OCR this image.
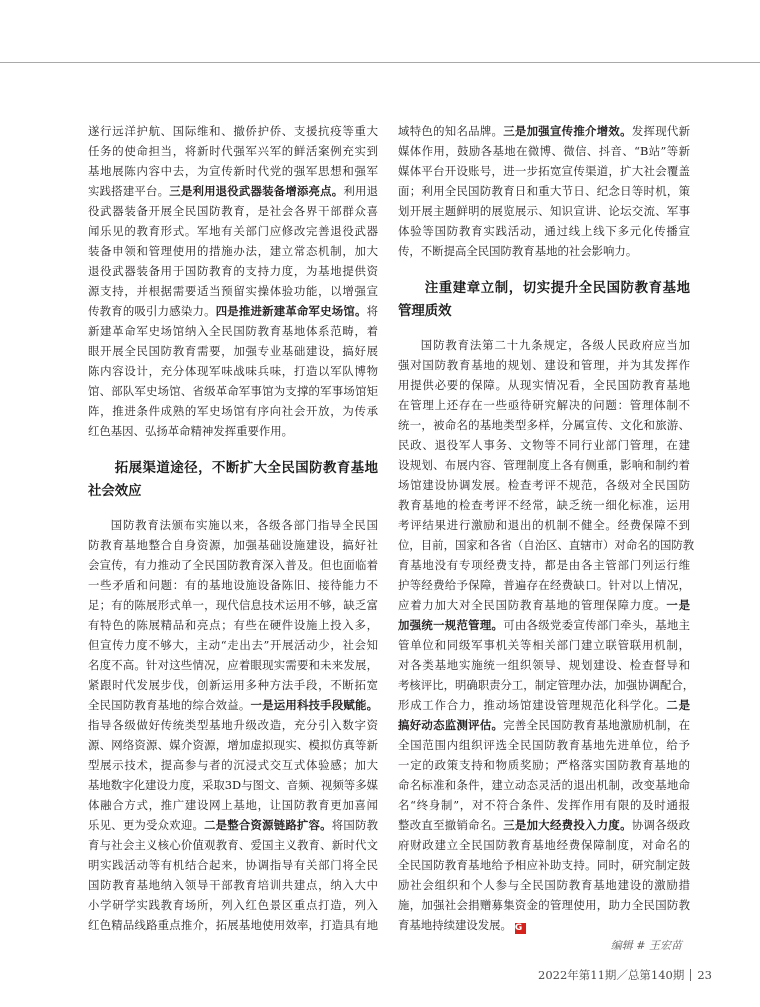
遂行远洋护航、国际维和、撤侨护侨、支援抗疫等重大
任务的使命担当，将新时代强军兴军的鲜活案例充实到
基地展陈内容中去，为宣传新时代党的强军思想和强军
实践搭建平台。三是利用退役武器装备增添亮点。利用退
役武器装备开展全民国防教育，是社会各界干部群众喜
闻乐见的教育形式。军地有关部门应修改完善退役武器
装备申领和管理使用的措施办法，建立常态机制，加大
退役武器装备用于国防教育的支持力度，为基地提供资
源支持，并根据需要适当预留实操体验功能，以增强宣
传教育的吸引力感染力。四是推进新建革命军史场馆。将
新建革命军史场馆纳入全民国防教育基地体系范畴，着
眼开展全民国防教育需要，加强专业基础建设，搞好展
陈内容设计，充分体现军味战味兵味，打造以军队博物
馆、部队军史场馆、省级革命军事馆为支撑的军事场馆矩
阵，推进条件成熟的军史场馆有序向社会开放，为传承
红色基因、弘扬革命精神发挥重要作用。
拓展渠道途径，不断扩大全民国防教育基地
社会效应
国防教育法颁布实施以来，各级各部门指导全民国
防教育基地整合自身资源，加强基础设施建设，搞好社
会宣传，有力推动了全民国防教育深入普及。但也面临着
一些矛盾和问题：有的基地设施设备陈旧、接待能力不
足；有的陈展形式单一，现代信息技术运用不够，缺乏富
有特色的陈展精品和亮点；有些在硬件设施上投入多，
但宣传力度不够大，主动“走出去”开展活动少，社会知
名度不高。针对这些情况，应着眼现实需要和未来发展，
紧跟时代发展步伐，创新运用多种方法手段，不断拓宽
全民国防教育基地的综合效益。一是运用科技手段赋能。
指导各级做好传统类型基地升级改造，充分引入数字资
源、网络资源、媒介资源，增加虚拟现实、模拟仿真等新
型展示技术，提高参与者的沉浸式交互式体验感；加大
基地数字化建设力度，采取3D与图文、音频、视频等多媒
体融合方式，推广建设网上基地，让国防教育更加喜闻
乐见、更为受众欢迎。二是整合资源链路扩容。将国防教
育与社会主义核心价值观教育、爱国主义教育、新时代文
明实践活动等有机结合起来，协调指导有关部门将全民
国防教育基地纳入领导干部教育培训共建点，纳入大中
小学研学实践教育场所，列入红色景区重点打造，列入
红色精品线路重点推介，拓展基地使用效率，打造具有地
域特色的知名品牌。三是加强宣传推介增效。发挥现代新
媒体作用，鼓励各基地在微博、微信、抖音、“B站”等新
媒体平台开设账号，进一步拓宽宣传渠道，扩大社会覆盖
面；利用全民国防教育日和重大节日、纪念日等时机，策
划开展主题鲜明的展览展示、知识宣讲、论坛交流、军事
体验等国防教育实践活动，通过线上线下多元化传播宣
传，不断提高全民国防教育基地的社会影响力。
注重建章立制，切实提升全民国防教育基地
管理质效
国防教育法第二十九条规定，各级人民政府应当加
强对国防教育基地的规划、建设和管理，并为其发挥作
用提供必要的保障。从现实情况看，全民国防教育基地
在管理上还存在一些亟待研究解决的问题：管理体制不
统一，被命名的基地类型多样，分属宣传、文化和旅游、
民政、退役军人事务、文物等不同行业部门管理，在建
设规划、布展内容、管理制度上各有侧重，影响和制约着
场馆建设协调发展。检查考评不规范，各级对全民国防
教育基地的检查考评不经常，缺乏统一细化标准，运用
考评结果进行激励和退出的机制不健全。经费保障不到
位，目前，国家和各省（自治区、直辖市）对命名的国防教
育基地没有专项经费支持，都是由各主管部门列运行维
护等经费给予保障，普遍存在经费缺口。针对以上情况，
应着力加大对全民国防教育基地的管理保障力度。一是
加强统一规范管理。可由各级党委宣传部门牵头，基地主
管单位和同级军事机关等相关部门建立联管联用机制，
对各类基地实施统一组织领导、规划建设、检查督导和
考核评比，明确职责分工，制定管理办法，加强协调配合，
形成工作合力，推动场馆建设管理规范化科学化。二是
搞好动态监测评估。完善全民国防教育基地激励机制，在
全国范围内组织评选全民国防教育基地先进单位，给予
一定的政策支持和物质奖励；严格落实国防教育基地的
命名标准和条件，建立动态灵活的退出机制，改变基地命
名“终身制”，对不符合条件、发挥作用有限的及时通报
整改直至撤销命名。三是加大经费投入力度。协调各级政
府财政建立全民国防教育基地经费保障制度，对命名的
全民国防教育基地给予相应补助支持。同时，研究制定鼓
励社会组织和个人参与全民国防教育基地建设的激励措
施，加强社会捐赠募集资金的管理使用，助力全民国防教
育基地持续建设发展。 G
编辑 # 王宏苗
2022年第11期／总第140期 23
